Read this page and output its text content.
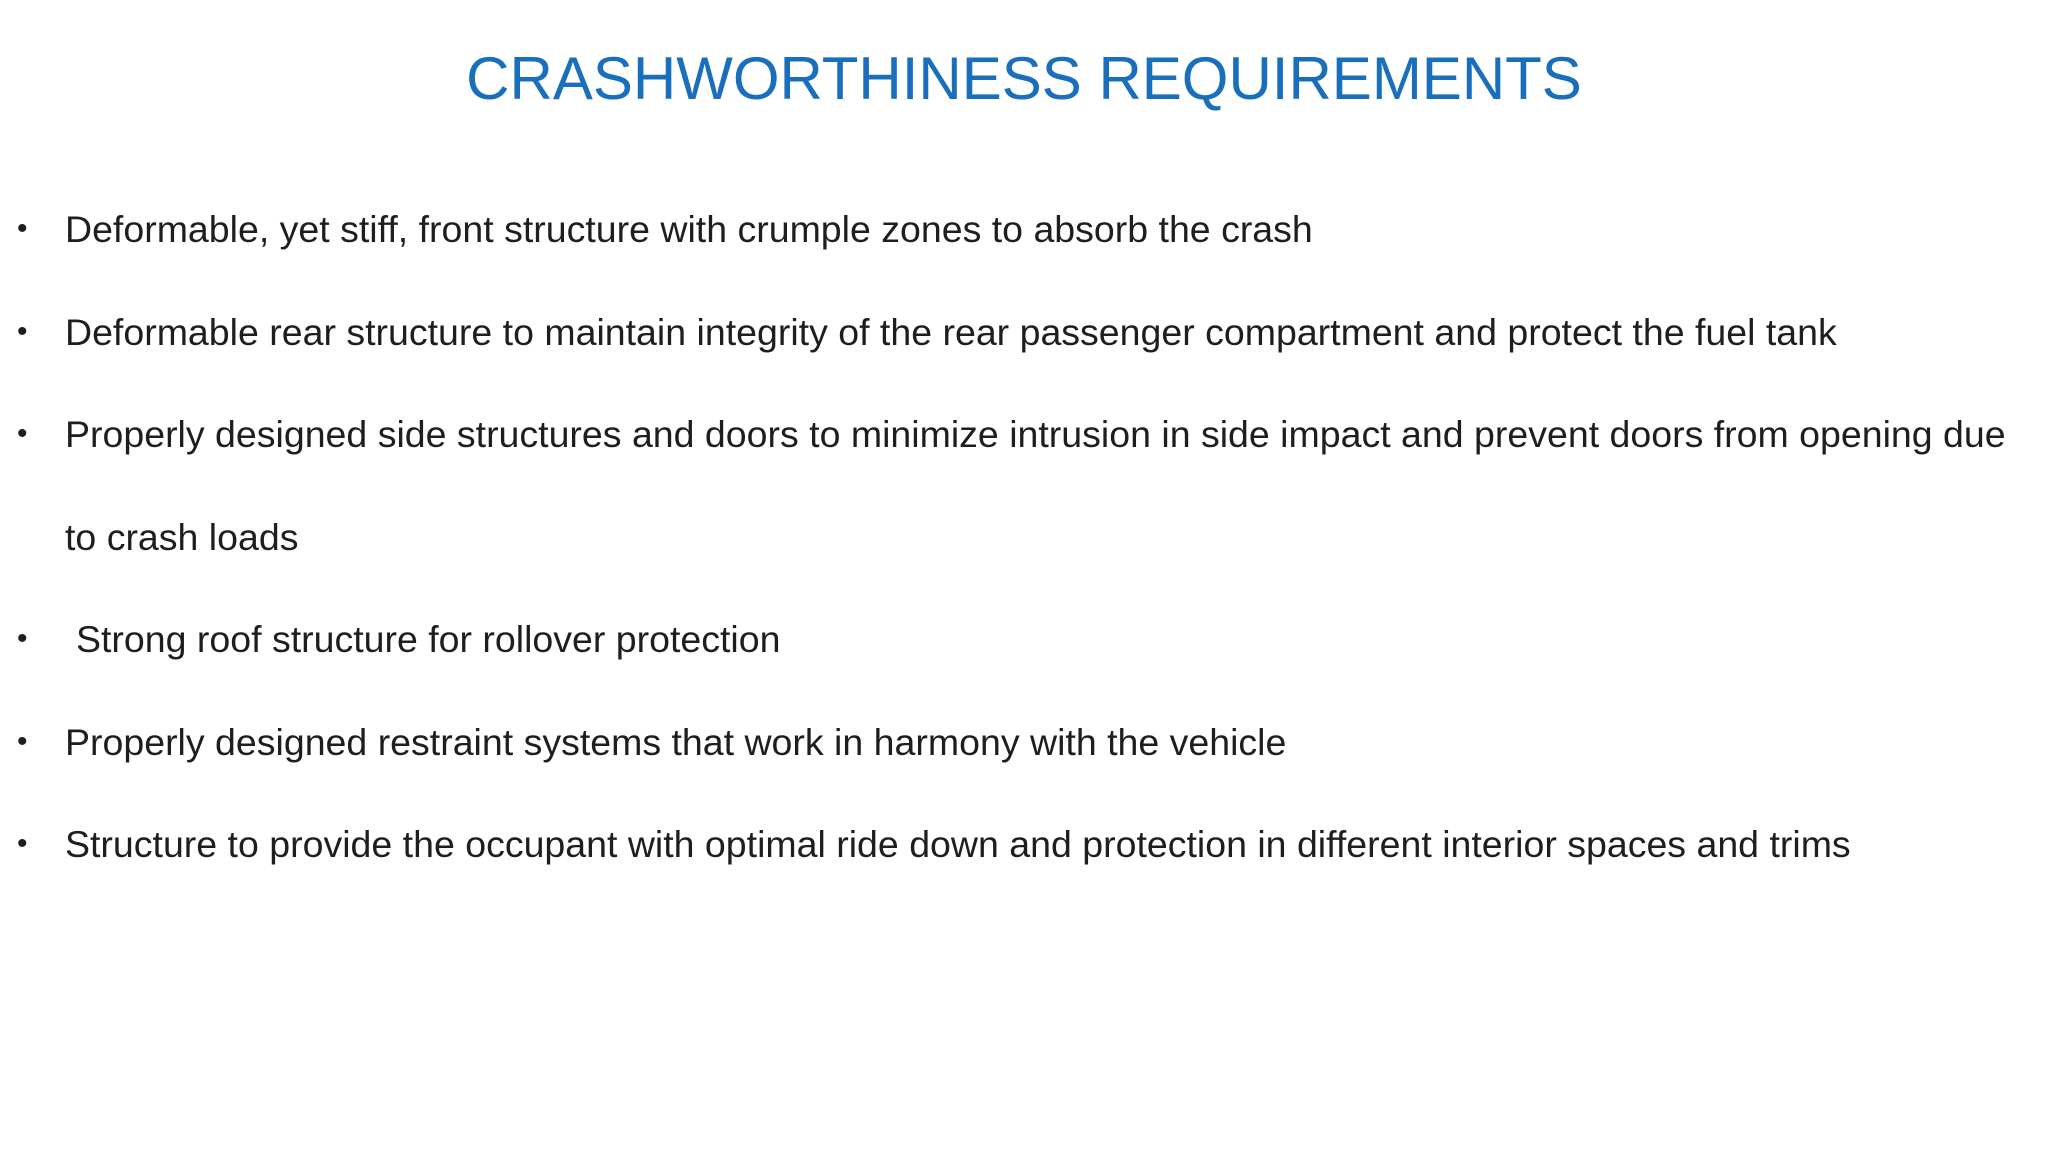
CRASHWORTHINESS REQUIREMENTS
• Deformable, yet stiff, front structure with crumple zones to absorb the crash
• Deformable rear structure to maintain integrity of the rear passenger compartment and protect the fuel tank
• Properly designed side structures and doors to minimize intrusion in side impact and prevent doors from opening due to crash loads
• Strong roof structure for rollover protection
• Properly designed restraint systems that work in harmony with the vehicle
• Structure to provide the occupant with optimal ride down and protection in different interior spaces and trims
